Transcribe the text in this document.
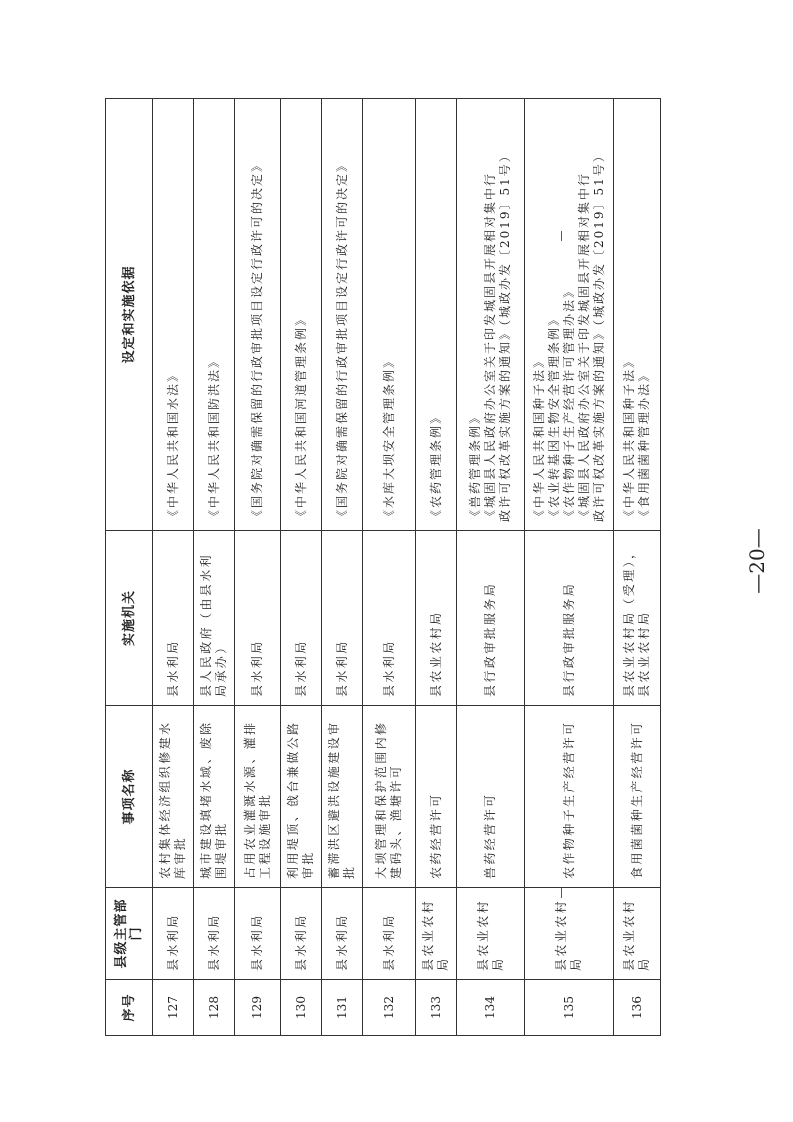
序号	县级主管部门	事项名称	实施机关	设定和实施依据
127	县水利局	农村集体经济组织修建水库审批	县水利局	《中华人民共和国水法》

128	县水利局	城市建设填堵水域、废除围堤审批	县人民政府（由县水利局承办）	《中华人民共和国防洪法》

129	县水利局	占用农业灌溉水源、灌排工程设施审批	县水利局	《国务院对确需保留的行政审批项目设定行政许可的决定》

130	县水利局	利用堤顶、戗台兼做公路审批	县水利局	《中华人民共和国河道管理条例》

131	县水利局	蓄滞洪区避洪设施建设审批	县水利局	《国务院对确需保留的行政审批项目设定行政许可的决定》

132	县水利局	大坝管理和保护范围内修建码头、渔塘许可	县水利局	《水库大坝安全管理条例》

133	县农业农村局	农药经营许可	县农业农村局	《农药管理条例》

134	县农业农村局	兽药经营许可	县行政审批服务局	《兽药管理条例》 《城固县人民政府办公室关于印发城固县开展相对集中行 政许可权改革实施方案的通知》（城政办发〔2019〕51号）

135	县农业农村局	农作物种子生产经营许可	县行政审批服务局	《中华人民共和国种子法》 《农业转基因生物安全管理条例》 《农作物种子生产经营许可管理办法》 《城固县人民政府办公室关于印发城固县开展相对集中行 政许可权改革实施方案的通知》（城政办发〔2019〕51号）

136	县农业农村局	食用菌菌种生产经营许可	县农业农村局（受理），县农业农村局	《中华人民共和国种子法》 《食用菌菌种管理办法》
—20—
